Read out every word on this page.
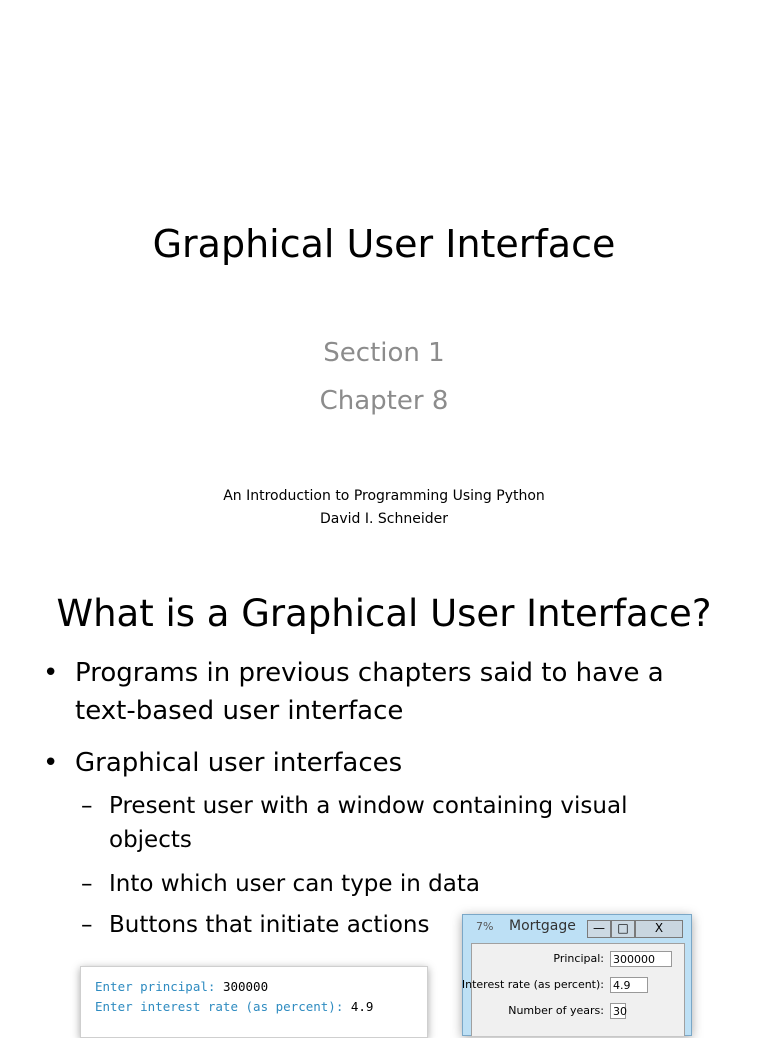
Graphical User Interface
Section 1
Chapter 8
An Introduction to Programming Using Python
David I. Schneider
What is a Graphical User Interface?
• Programs in previous chapters said to have a
text-based user interface
• Graphical user interfaces
– Present user with a window containing visual
objects
– Into which user can type in data
– Buttons that initiate actions
Enter principal: 300000
Enter interest rate (as percent): 4.9
7% Mortgage	—	□	X
Principal: 300000
Interest rate (as percent): 4.9
Number of years: 30
